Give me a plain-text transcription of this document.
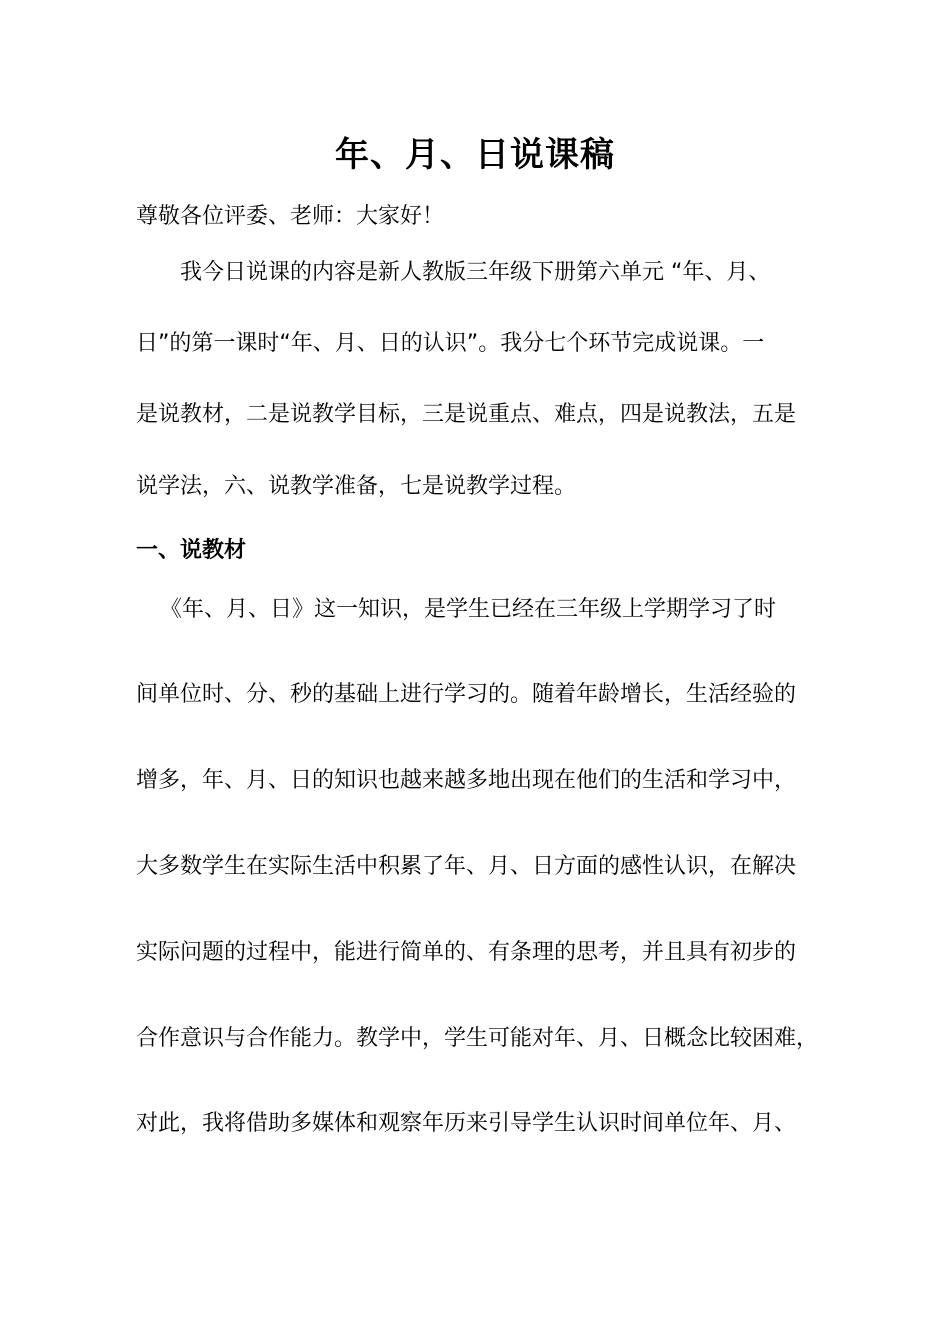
年、月、日说课稿
尊敬各位评委、老师：大家好！
　　我今日说课的内容是新人教版三年级下册第六单元 “年、月、
日”的第一课时“年、月、日的认识”。我分七个环节完成说课。一
是说教材，二是说教学目标，三是说重点、难点，四是说教法，五是
说学法，六、说教学准备，七是说教学过程。
一、说教材
《年、月、日》这一知识，是学生已经在三年级上学期学习了时
间单位时、分、秒的基础上进行学习的。随着年龄增长，生活经验的
增多，年、月、日的知识也越来越多地出现在他们的生活和学习中，
大多数学生在实际生活中积累了年、月、日方面的感性认识，在解决
实际问题的过程中，能进行简单的、有条理的思考，并且具有初步的
合作意识与合作能力。教学中，学生可能对年、月、日概念比较困难，
对此，我将借助多媒体和观察年历来引导学生认识时间单位年、月、
